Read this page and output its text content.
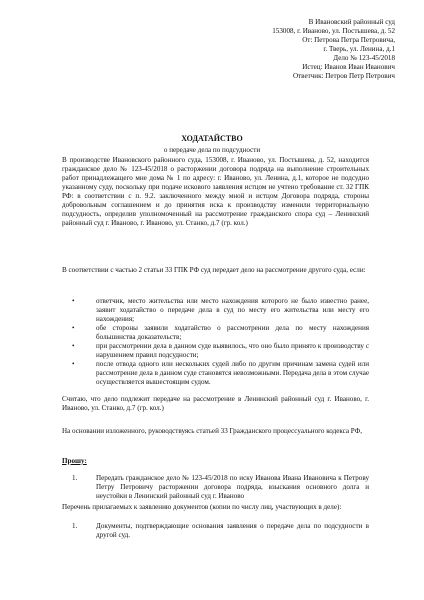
В Ивановский районный суд
153008, г. Иваново, ул. Постышева, д. 52
От: Петрова Петра Петровича,
г. Тверь, ул. Ленина, д.1
Дело № 123-45/2018
Истец: Иванов Иван Иванович
Ответчик: Петров Петр Петрович
ХОДАТАЙСТВО
о передаче дела по подсудности
В производстве Ивановского районного суда, 153008, г. Иваново, ул. Постышева, д. 52, находится гражданское дело № 123-45/2018 о расторжении договора подряда на выполнение строительных работ принадлежащего мне дома № 1 по адресу: г. Иваново, ул. Ленина, д.1, которое не подсудно указанному суду, поскольку при подаче искового заявления истцом не учтено требование ст. 32 ГПК РФ: в соответствии с п. 9.2. заключенного между мной и истцом Договора подряда, стороны добровольным соглашением и до принятия иска к производству изменили территориальную подсудность, определив уполномоченный на рассмотрение гражданского спора суд – Ленинский районный суд г. Иваново, г. Иваново, ул. Станко, д.7 (гр. кол.)
В соответствии с частью 2 статьи 33 ГПК РФ суд передает дело на рассмотрение другого суда, если:
•	ответчик, место жительства или место нахождения которого не было известно ранее, заявит ходатайство о передаче дела в суд по месту его жительства или месту его нахождения;
•	обе стороны заявили ходатайство о рассмотрении дела по месту нахождения большинства доказательств;
•	при рассмотрении дела в данном суде выявилось, что оно было принято к производству с нарушением правил подсудности;
•	после отвода одного или нескольких судей либо по другим причинам замена судей или рассмотрение дела в данном суде становятся невозможными. Передача дела в этом случае осуществляется вышестоящим судом.
Считаю, что дело подлежит передаче на рассмотрение в Ленинский районный суд г. Иваново, г. Иваново, ул. Станко, д.7 (гр. кол.)
На основании изложенного, руководствуясь статьей 33 Гражданского процессуального кодекса РФ,
Прошу:
1.	Передать гражданское дело № 123-45/2018 по иску Иванова Ивана Ивановича к Петрову Петру Петровичу расторжении договора подряда, взыскания основного долга и неустойки в Ленинский районный суд г. Иваново
Перечень прилагаемых к заявлению документов (копии по числу лиц, участвующих в деле):
1.	Документы, подтверждающие основания заявления о передаче дела по подсудности в другой суд.
